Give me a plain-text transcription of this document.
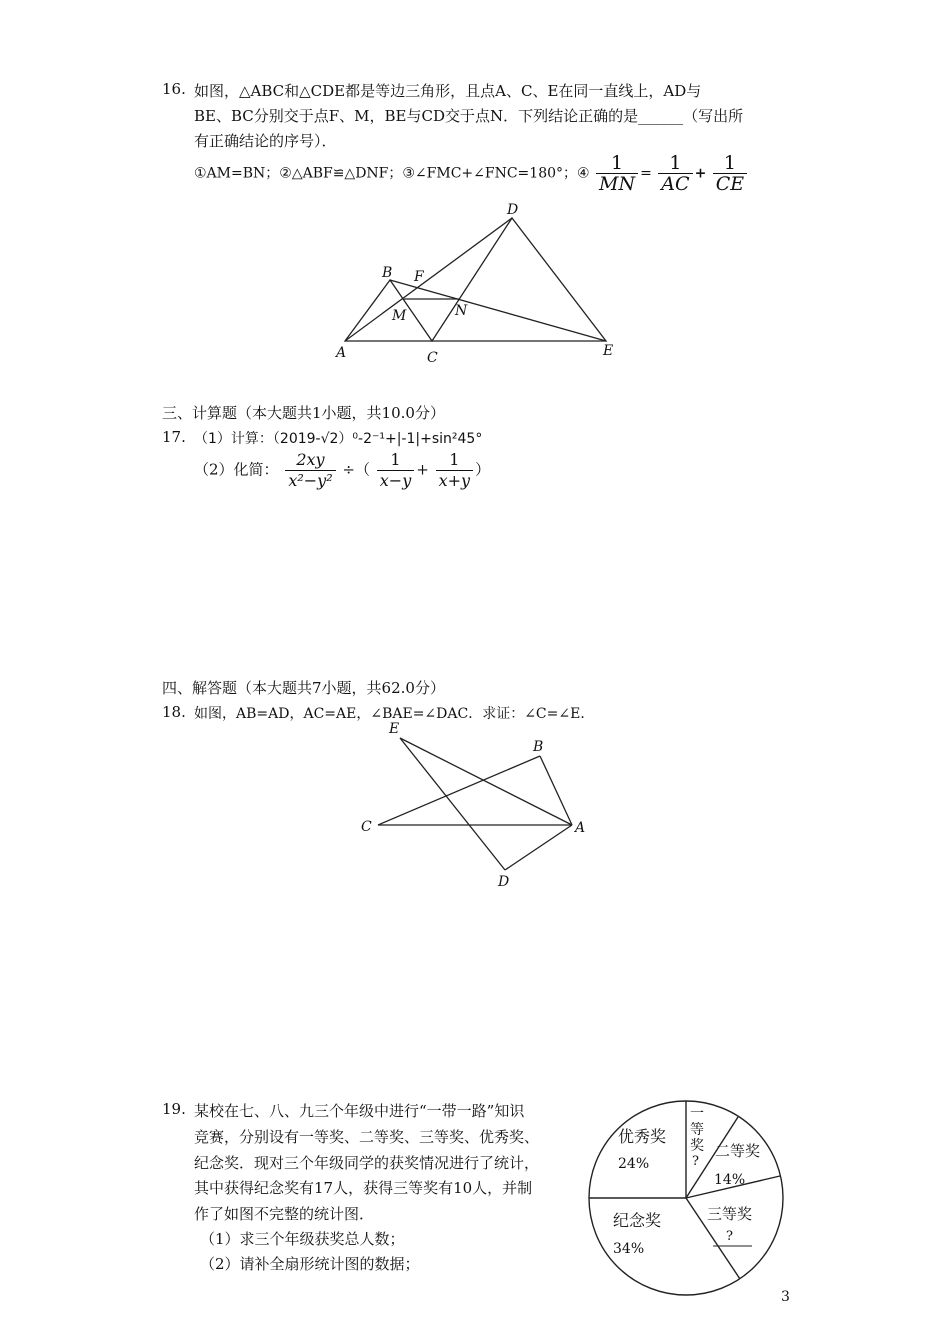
16. 如图，△ABC和△CDE都是等边三角形，且点A、C、E在同一直线上，AD与
BE、BC分别交于点F、M，BE与CD交于点N．下列结论正确的是______（写出所
有正确结论的序号）．
①AM=BN；②△ABF≌△DNF；③∠FMC+∠FNC=180°；④ $\frac{1}{MN} = \frac{1}{AC} + \frac{1}{CE}$
A
B
C
D
E
F
M	N
三、计算题（本大题共1小题，共10.0分）
17. （1）计算：（2019-√2）⁰-2⁻¹+|-1|+sin²45°
（2）化简： $\frac{2xy}{\text{x²−y²}}$ ÷（ $\frac{1}{x-y} + \frac{1}{x+y}$ ）
四、解答题（本大题共7小题，共62.0分）
18. 如图，AB=AD，AC=AE，∠BAE=∠DAC．求证：∠C=∠E．
E
B
C	A
D
19. 某校在七、八、九三个年级中进行“一带一路”知识
竞赛，分别设有一等奖、二等奖、三等奖、优秀奖、
纪念奖．现对三个年级同学的获奖情况进行了统计，
其中获得纪念奖有17人，获得三等奖有10人，并制
作了如图不完整的统计图．
（1）求三个年级获奖总人数；
（2）请补全扇形统计图的数据；
优秀奖
24%
一
等
奖
?
二等奖
14%
三等奖
?
纪念奖
34%
3
